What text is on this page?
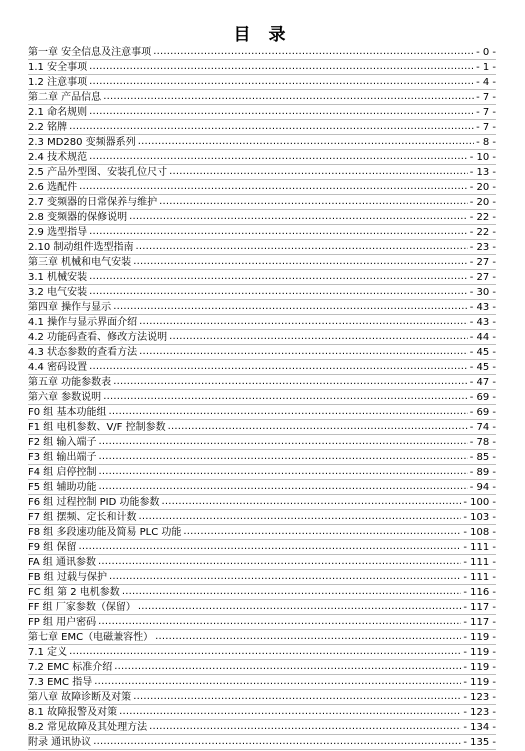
目 录
第一章 安全信息及注意事项 .....	- 0 -
1.1 安全事项 .....	- 1 -
1.2 注意事项 .....	- 4 -
第二章 产品信息 .....	- 7 -
2.1 命名规则 .....	- 7 -
2.2 铭牌 .....	- 7 -
2.3 MD280 变频器系列 .....	- 8 -
2.4 技术规范 .....	- 10 -
2.5 产品外型图、安装孔位尺寸 .....	- 13 -
2.6 选配件 .....	- 20 -
2.7 变频器的日常保养与维护 .....	- 20 -
2.8 变频器的保修说明 .....	- 22 -
2.9 选型指导 .....	- 22 -
2.10 制动组件选型指南 .....	- 23 -
第三章 机械和电气安装 .....	- 27 -
3.1 机械安装 .....	- 27 -
3.2 电气安装 .....	- 30 -
第四章 操作与显示 .....	- 43 -
4.1 操作与显示界面介绍 .....	- 43 -
4.2 功能码查看、修改方法说明 .....	- 44 -
4.3 状态参数的查看方法 .....	- 45 -
4.4 密码设置 .....	- 45 -
第五章 功能参数表 .....	- 47 -
第六章 参数说明 .....	- 69 -
F0 组 基本功能组 .....	- 69 -
F1 组 电机参数、V/F 控制参数 .....	- 74 -
F2 组 输入端子 .....	- 78 -
F3 组 输出端子 .....	- 85 -
F4 组 启停控制 .....	- 89 -
F5 组 辅助功能 .....	- 94 -
F6 组 过程控制 PID 功能参数 .....	- 100 -
F7 组 摆频、定长和计数 .....	- 103 -
F8 组 多段速功能及简易 PLC 功能 .....	- 108 -
F9 组 保留 .....	- 111 -
FA 组 通讯参数 .....	- 111 -
FB 组 过载与保护 .....	- 111 -
FC 组 第 2 电机参数 .....	- 116 -
FF 组 厂家参数（保留） .....	- 117 -
FP 组 用户密码 .....	- 117 -
第七章 EMC（电磁兼容性） .....	- 119 -
7.1 定义 .....	- 119 -
7.2 EMC 标准介绍 .....	- 119 -
7.3 EMC 指导 .....	- 119 -
第八章 故障诊断及对策 .....	- 123 -
8.1 故障报警及对策 .....	- 123 -
8.2 常见故障及其处理方法 .....	- 134 -
附录 通讯协议 .....	- 135 -
